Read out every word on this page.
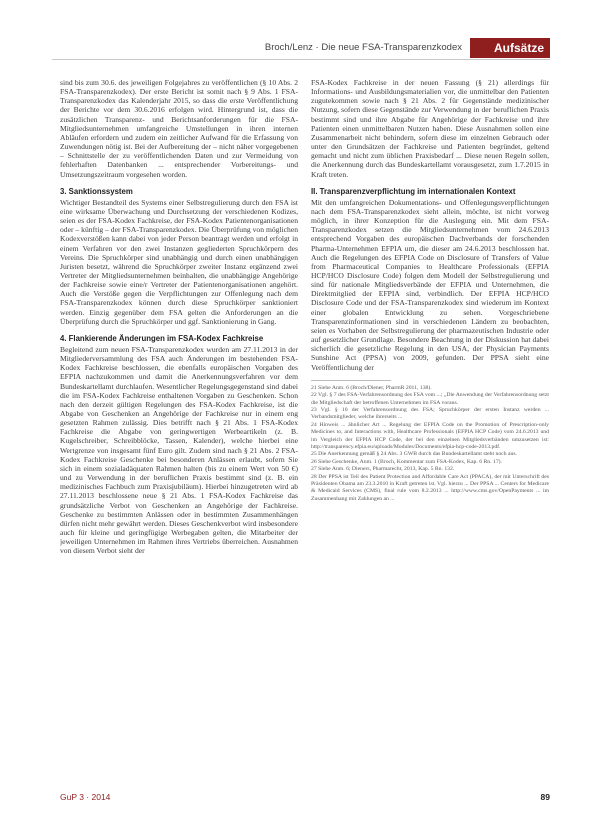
Broch/Lenz · Die neue FSA-Transparenzkodex	Aufsätze

sind bis zum 30.6. des jeweiligen Folgejahres zu veröffentlichen (§ 10 Abs. 2 FSA-Transparenzkodex). Der erste Bericht ist somit nach § 9 Abs. 1 FSA-Transparenzkodex das Kalenderjahr 2015, so dass die erste Veröffentlichung der Berichte vor dem 30.6.2016 erfolgen wird. Hintergrund ist, dass die zusätzlichen Transparenz- und Berichtsanforderungen für die FSA-Mitgliedsunternehmen umfangreiche Umstellungen in ihren internen Abläufen erfordern und zudem ein zeitlicher Aufwand für die Erfassung von Zuwendungen nötig ist. Bei der Aufbereitung der – nicht näher vorgegebenen – Schnittstelle der zu veröffentlichenden Daten und zur Vermeidung von fehlerhaften Datenbanken ... entsprechender Vorbereitungs- und Umsetzungszeitraum vorgesehen worden.

3. Sanktionssystem

Wichtiger Bestandteil des Systems einer Selbstregulierung durch den FSA ist eine wirksame Überwachung und Durchsetzung der verschiedenen Kodizes, seien es der FSA-Kodex Fachkreise, der FSA-Kodex Patientenorganisationen oder – künftig – der FSA-Transparenzkodex. Die Überprüfung von möglichen Kodexverstößen kann dabei von jeder Person beantragt werden und erfolgt in einem Verfahren vor den zwei Instanzen gegliederten Spruchkörpern des Vereins. Die Spruchkörper sind unabhängig und durch einen unabhängigen Juristen besetzt, während die Spruchkörper zweiter Instanz ergänzend zwei Vertreter der Mitgliedsunternehmen beinhalten, die unabhängige Angehörige der Fachkreise sowie eine/r Vertreter der Patientenorganisationen angehört. Auch die Verstöße gegen die Verpflichtungen zur Offenlegung nach dem FSA-Transparenzkodex können durch diese Spruchkörper sanktioniert werden. Einzig gegenüber dem FSA gelten die Anforderungen an die Überprüfung durch die Spruchkörper und ggf. Sanktionierung in Gang.

4. Flankierende Änderungen im FSA-Kodex Fachkreise

Begleitend zum neuen FSA-Transparenzkodex wurden am 27.11.2013 in der Mitgliederversammlung des FSA auch Änderungen im bestehenden FSA-Kodex Fachkreise beschlossen, die ebenfalls europäischen Vorgaben des EFPIA nachzukommen und damit die Anerkennungsverfahren vor dem Bundeskartellamt durchlaufen. Wesentlicher Regelungsgegenstand sind dabei die im FSA-Kodex Fachkreise enthaltenen Vorgaben zu Geschenken. Schon nach den derzeit gültigen Regelungen des FSA-Kodex Fachkreise, ist die Abgabe von Geschenken an Angehörige der Fachkreise nur in einem eng gesetzten Rahmen zulässig. Dies betrifft nach § 21 Abs. 1 FSA-Kodex Fachkreise die Abgabe von geringwertigen Werbeartikeln (z. B. Kugelschreiber, Schreibblöcke, Tassen, Kalender), welche hierbei eine Wertgrenze von insgesamt fünf Euro gilt. Zudem sind nach § 21 Abs. 2 FSA-Kodex Fachkreise Geschenke bei besonderen Anlässen erlaubt, sofern Sie sich in einem sozialadäquaten Rahmen halten (bis zu einem Wert von 50 €) und zu Verwendung in der beruflichen Praxis bestimmt sind (z. B. ein medizinisches Fachbuch zum Praxisjubiläum). Hierbei hinzugetreten wird ab 27.11.2013 beschlossene neue § 21 Abs. 1 FSA-Kodex Fachkreise das grundsätzliche Verbot von Geschenken an Angehörige der Fachkreise. Geschenke zu bestimmten Anlässen oder in bestimmten Zusammenhängen dürfen nicht mehr gewährt werden. Dieses Geschenkverbot wird insbesondere auch für kleine und geringfügige Werbegaben gelten, die Mitarbeiter der jeweiligen Unternehmen im Rahmen ihres Vertriebs überreichen. Ausnahmen von diesem Verbot sieht der

FSA-Kodex Fachkreise in der neuen Fassung (§ 21) allerdings für Informations- und Ausbildungsmaterialien vor, die unmittelbar den Patienten zugutekommen sowie nach § 21 Abs. 2 für Gegenstände medizinischer Nutzung, sofern diese Gegenstände zur Verwendung in der beruflichen Praxis bestimmt sind und ihre Abgabe für Angehörige der Fachkreise und ihre Patienten einen unmittelbaren Nutzen haben. Diese Ausnahmen sollen eine Zusammenarbeit nicht behindern, sofern diese im einzelnen Gebrauch oder unter den Grundsätzen der Fachkreise und Patienten begründet, geltend gemacht und nicht zum üblichen Praxisbedarf ... Diese neuen Regeln sollen, die Anerkennung durch das Bundeskartellamt vorausgesetzt, zum 1.7.2015 in Kraft treten.

II. Transparenzverpflichtung im internationalen Kontext

Mit den umfangreichen Dokumentations- und Offenlegungsverpflichtungen nach dem FSA-Transparenzkodex sieht allein, möchte, ist nicht vorweg möglich, in ihrer Konzeption für die Auslegung ein. Mit dem FSA-Transparenzkodex setzen die Mitgliedsunternehmen vom 24.6.2013 entsprechend Vorgaben des europäischen Dachverbands der forschenden Pharma-Unternehmen EFPIA um, die dieser am 24.6.2013 beschlossen hat. Auch die Regelungen des EFPIA Code on Disclosure of Transfers of Value from Pharmaceutical Companies to Healthcare Professionals (EFPIA HCP/HCO Disclosure Code) folgen dem Modell der Selbstregulierung und sind für nationale Mitgliedsverbände der EFPIA und Unternehmen, die Direktmitglied der EFPIA sind, verbindlich. Der EFPIA HCP/HCO Disclosure Code und der FSA-Transparenzkodex sind wiederum im Kontext einer globalen Entwicklung zu sehen. Vorgeschriebene Transparenzinformationen sind in verschiedenen Ländern zu beobachten, seien es Vorhaben der Selbstregulierung der pharmazeutischen Industrie oder auf gesetzlicher Grundlage. Besondere Beachtung in der Diskussion hat dabei sicherlich die gesetzliche Regelung in den USA, der Physician Payments Sunshine Act (PPSA) von 2009, gefunden. Der PPSA sieht eine Veröffentlichung der

21 Siehe Anm. 6 (Broch/Diener, PharmR 2011, 138).

22 Vgl. § 7 des FSA-Verfahrensordnung des FSA vom ...; „Die Anwendung der Verfahrensordnung setzt die Mitgliedschaft der betroffenen Unternehmen im FSA voraus.

23 Vgl. § 10 der Verfahrensordnung des FSA; Spruchkörper der ersten Instanz werden ... Verbandsmitglieder, welche ihrerseits ...

24 Hinweis ... ähnlicher Art ... Regelung der EFPIA Code on the Promotion of Prescription-only Medicines to, and Interactions with, Healthcare Professionals (EFPIA HCP Code) vom 24.6.2013 und im Vergleich der EFPIA HCP Code, der bei den einzelnen Mitgliedsverbänden umzusetzen ist: http://transparency.efpia.eu/uploads/Modules/Documents/efpia-hcp-code-2013.pdf.

25 Die Anerkennung gemäß § 24 Abs. 3 GWB durch das Bundeskartellamt steht noch aus.

26 Siehe Geschenke, Anm. 1 (Broch, Kommentar zum FSA-Kodex, Kap. 6 Rn. 17).

27 Siehe Anm. 6; Dieners, Pharmarecht, 2013, Kap. 5 Rn. 132.

28 Der PPSA ist Teil des Patient Protection and Affordable Care Act (PPACA), der mit Unterschrift des Präsidenten Obama am 23.3.2010 in Kraft getreten ist. Vgl. hierzu ... Der PPSA ... Centers for Medicare & Medicaid Services (CMS), final rule vom 8.2.2013 ... http://www.cms.gov/OpenPayments ... im Zusammenhang mit Zahlungen an ...

GuP 3 · 2014	89
